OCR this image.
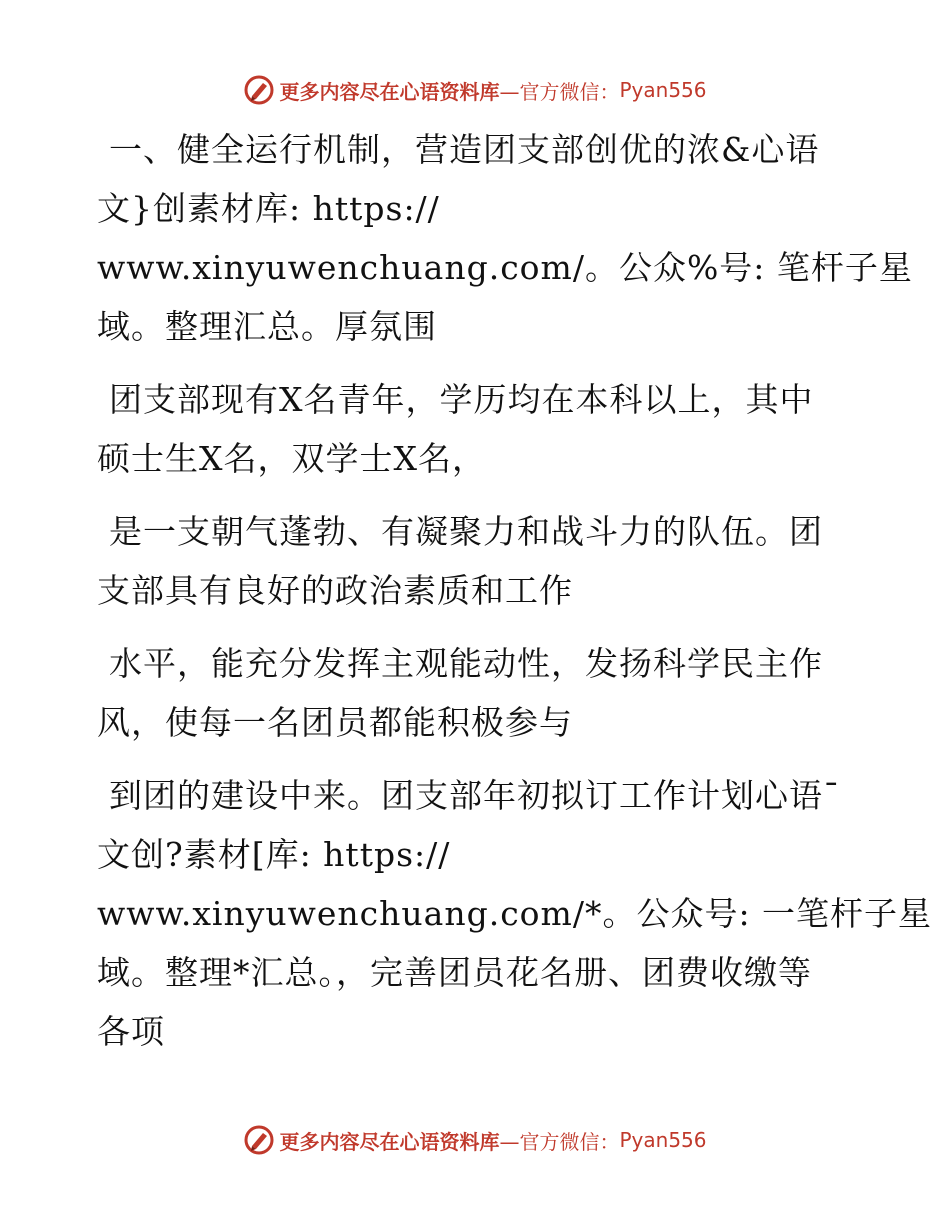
更多内容尽在心语资料库 —官方微信： Pyan556
一、健全运行机制，营造团支部创优的浓&心语
文}创素材库: https://
www.xinyuwenchuang.com/。公众%号: 笔杆子星
域。整理汇总。厚氛围
团支部现有X名青年，学历均在本科以上，其中
硕士生X名，双学士X名，
是一支朝气蓬勃、有凝聚力和战斗力的队伍。团
支部具有良好的政治素质和工作
水平，能充分发挥主观能动性，发扬科学民主作
风，使每一名团员都能积极参与
到团的建设中来。团支部年初拟订工作计划心语¯
文创?素材[库: https://
www.xinyuwenchuang.com/*。公众号: 一笔杆子星
域。整理*汇总。，完善团员花名册、团费收缴等
各项
更多内容尽在心语资料库 —官方微信： Pyan556
